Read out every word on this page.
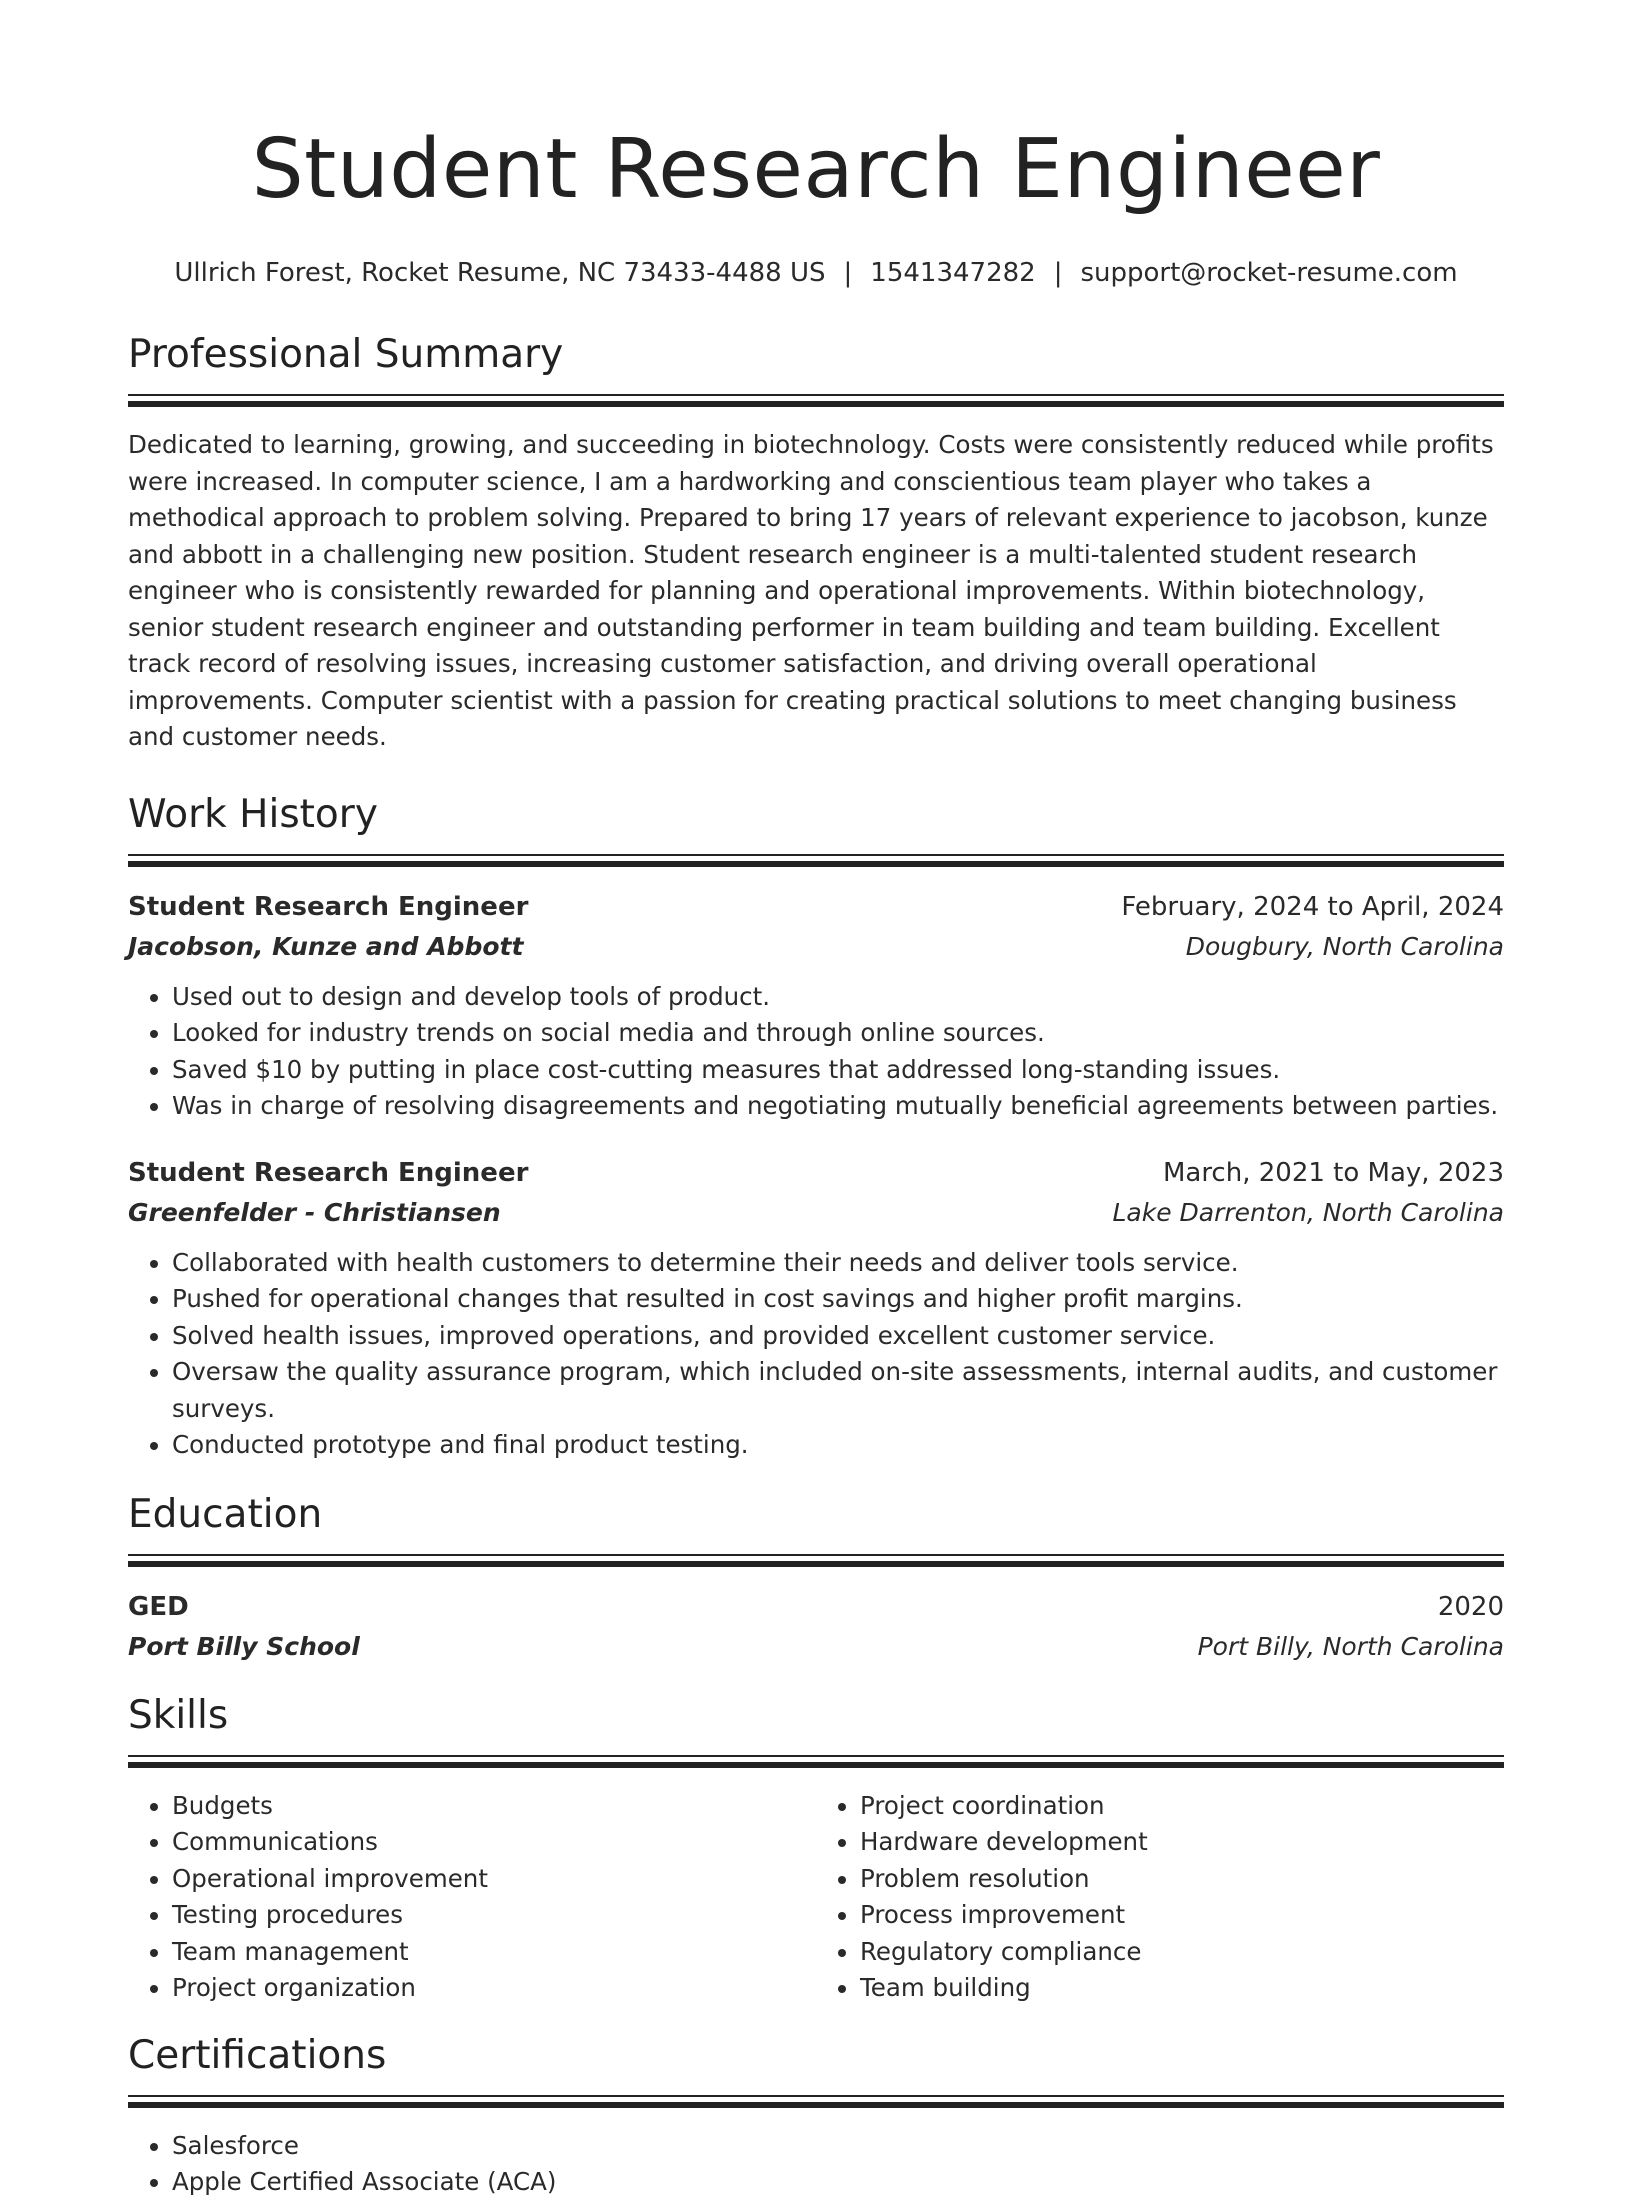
Student Research Engineer
Ullrich Forest, Rocket Resume, NC 73433-4488 US | 1541347282 | support@rocket-resume.com
Professional Summary

Dedicated to learning, growing, and succeeding in biotechnology. Costs were consistently reduced while profits were increased. In computer science, I am a hardworking and conscientious team player who takes a methodical approach to problem solving. Prepared to bring 17 years of relevant experience to jacobson, kunze and abbott in a challenging new position. Student research engineer is a multi-talented student research engineer who is consistently rewarded for planning and operational improvements. Within biotechnology, senior student research engineer and outstanding performer in team building and team building. Excellent track record of resolving issues, increasing customer satisfaction, and driving overall operational improvements. Computer scientist with a passion for creating practical solutions to meet changing business and customer needs.

Work History
Student Research Engineer	February, 2024 to April, 2024
Jacobson, Kunze and Abbott	Dougbury, North Carolina
• Used out to design and develop tools of product.
• Looked for industry trends on social media and through online sources.
• Saved $10 by putting in place cost-cutting measures that addressed long-standing issues.
• Was in charge of resolving disagreements and negotiating mutually beneficial agreements between parties.
Student Research Engineer	March, 2021 to May, 2023
Greenfelder - Christiansen	Lake Darrenton, North Carolina
• Collaborated with health customers to determine their needs and deliver tools service.
• Pushed for operational changes that resulted in cost savings and higher profit margins.
• Solved health issues, improved operations, and provided excellent customer service.
• Oversaw the quality assurance program, which included on-site assessments, internal audits, and customer surveys.
• Conducted prototype and final product testing.
Education
GED	2020
Port Billy School	Port Billy, North Carolina
Skills
• Budgets
• Communications
• Operational improvement
• Testing procedures
• Team management
• Project organization
• Project coordination
• Hardware development
• Problem resolution
• Process improvement
• Regulatory compliance
• Team building
Certifications
• Salesforce
• Apple Certified Associate (ACA)
